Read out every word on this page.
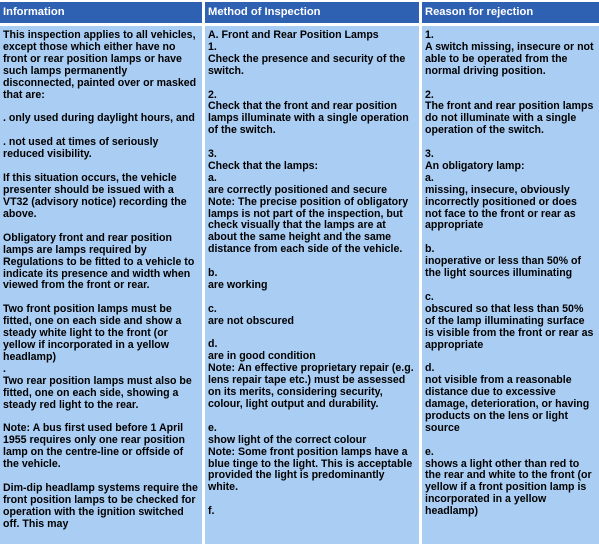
Information	Method of Inspection	Reason for rejection
This inspection applies to all vehicles, except those which either have no front or rear position lamps or have such lamps permanently disconnected, painted over or masked that are:
. only used during daylight hours, and
. not used at times of seriously reduced visibility.
If this situation occurs, the vehicle presenter should be issued with a VT32 (advisory notice) recording the above.
Obligatory front and rear position lamps are lamps required by Regulations to be fitted to a vehicle to indicate its presence and width when viewed from the front or rear.
Two front position lamps must be fitted, one on each side and show a steady white light to the front (or yellow if incorporated in a yellow headlamp)
.
Two rear position lamps must also be fitted, one on each side, showing a steady red light to the rear.
Note: A bus first used before 1 April 1955 requires only one rear position lamp on the centre-line or offside of the vehicle.
Dim-dip headlamp systems require the front position lamps to be checked for operation with the ignition switched off. This may
A. Front and Rear Position Lamps
1.
Check the presence and security of the switch.
2.
Check that the front and rear position lamps illuminate with a single operation of the switch.
3.
Check that the lamps:
a.
are correctly positioned and secure
Note: The precise position of obligatory lamps is not part of the inspection, but check visually that the lamps are at about the same height and the same distance from each side of the vehicle.
b.
are working
c.
are not obscured
d.
are in good condition
Note: An effective proprietary repair (e.g. lens repair tape etc.) must be assessed on its merits, considering security, colour, light output and durability.
e.
show light of the correct colour
Note: Some front position lamps have a blue tinge to the light. This is acceptable provided the light is predominantly white.
f.
1.
A switch missing, insecure or not able to be operated from the normal driving position.
2.
The front and rear position lamps do not illuminate with a single operation of the switch.
3.
An obligatory lamp:
a.
missing, insecure, obviously incorrectly positioned or does not face to the front or rear as appropriate
b.
inoperative or less than 50% of the light sources illuminating
c.
obscured so that less than 50% of the lamp illuminating surface is visible from the front or rear as appropriate
d.
not visible from a reasonable distance due to excessive damage, deterioration, or having products on the lens or light source
e.
shows a light other than red to the rear and white to the front (or yellow if a front position lamp is incorporated in a yellow headlamp)
